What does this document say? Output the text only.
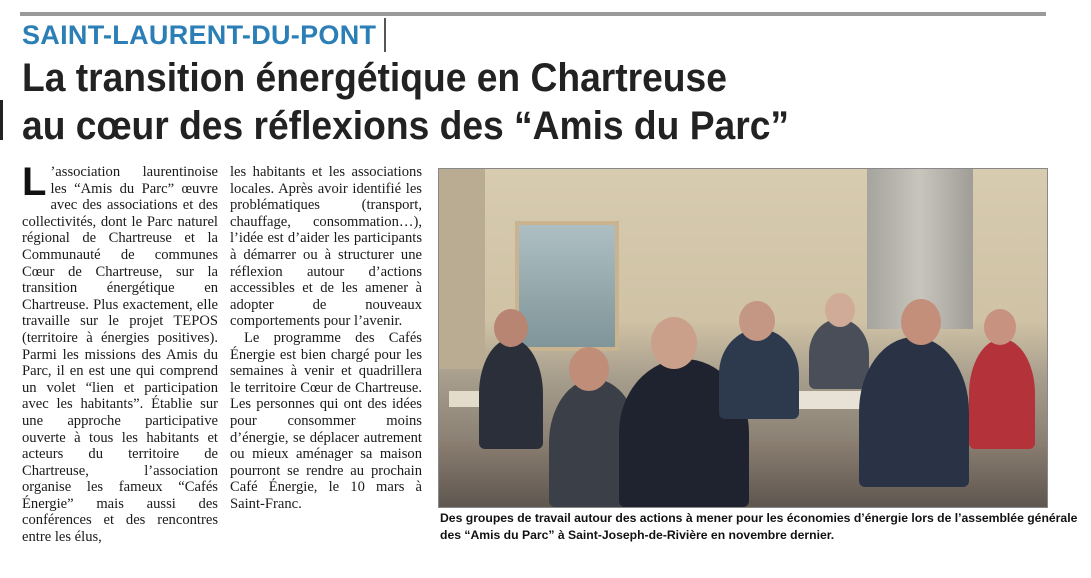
SAINT-LAURENT-DU-PONT
La transition énergétique en Chartreuse
au cœur des réflexions des “Amis du Parc”

L ’association laurentinoise les “Amis du Parc” œuvre avec des associations et des collectivités, dont le Parc naturel régional de Chartreuse et la Communauté de communes Cœur de Chartreuse, sur la transition énergétique en Chartreuse. Plus exactement, elle travaille sur le projet TEPOS (territoire à énergies positives). Parmi les missions des Amis du Parc, il en est une qui comprend un volet “lien et participation avec les habitants”. Établie sur une approche participative ouverte à tous les habitants et acteurs du territoire de Chartreuse, l’association organise les fameux “Cafés Énergie” mais aussi des conférences et des rencontres entre les élus,

les habitants et les associations locales. Après avoir identifié les problématiques (transport, chauffage, consommation…), l’idée est d’aider les participants à démarrer ou à structurer une réflexion autour d’actions accessibles et de les amener à adopter de nouveaux comportements pour l’avenir.

Le programme des Cafés Énergie est bien chargé pour les semaines à venir et quadrillera le territoire Cœur de Chartreuse. Les personnes qui ont des idées pour consommer moins d’énergie, se déplacer autrement ou mieux aménager sa maison pourront se rendre au prochain Café Énergie, le 10 mars à Saint-Franc.

Des groupes de travail autour des actions à mener pour les économies d’énergie lors de l’assemblée générale
des “Amis du Parc” à Saint-Joseph-de-Rivière en novembre dernier.
